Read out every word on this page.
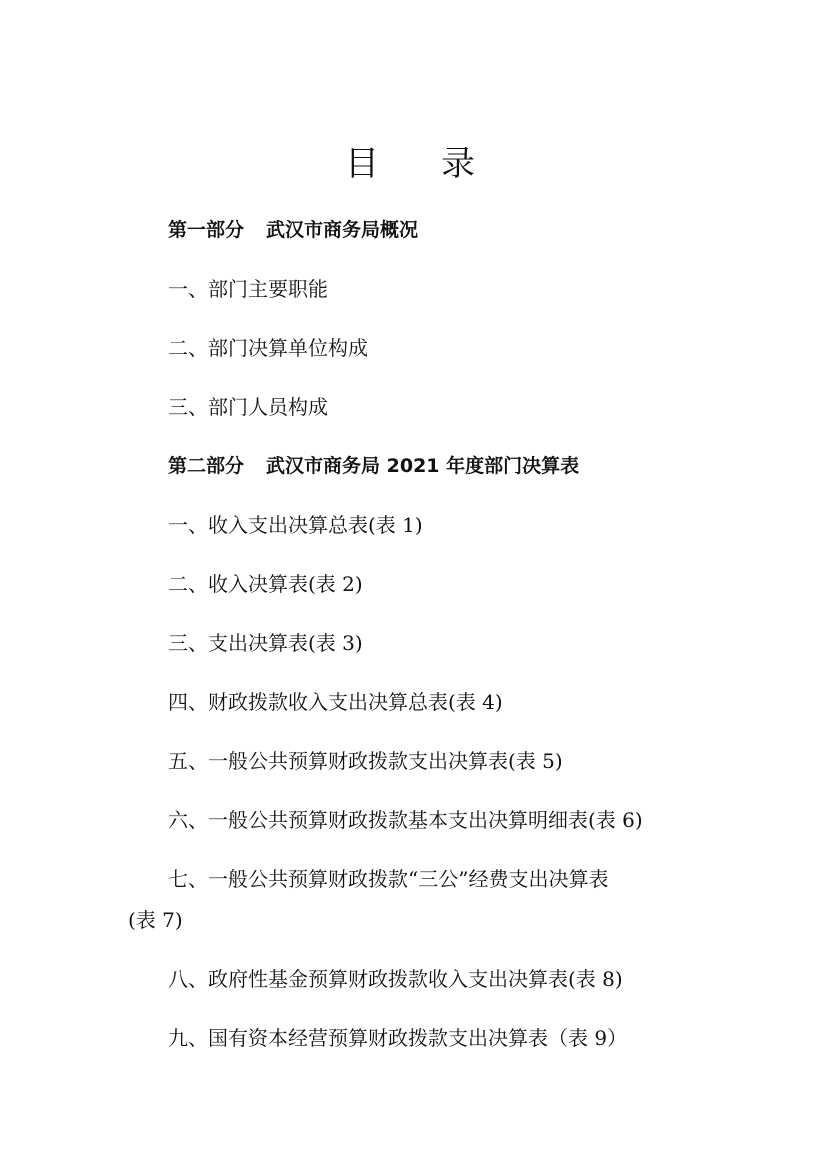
目 录
第一部分 武汉市商务局概况
一、部门主要职能
二、部门决算单位构成
三、部门人员构成
第二部分 武汉市商务局 2021 年度部门决算表
一、收入支出决算总表(表 1)
二、收入决算表(表 2)
三、支出决算表(表 3)
四、财政拨款收入支出决算总表(表 4)
五、一般公共预算财政拨款支出决算表(表 5)
六、一般公共预算财政拨款基本支出决算明细表(表 6)
七、一般公共预算财政拨款“三公”经费支出决算表
(表 7)
八、政府性基金预算财政拨款收入支出决算表(表 8)
九、国有资本经营预算财政拨款支出决算表（表 9）
